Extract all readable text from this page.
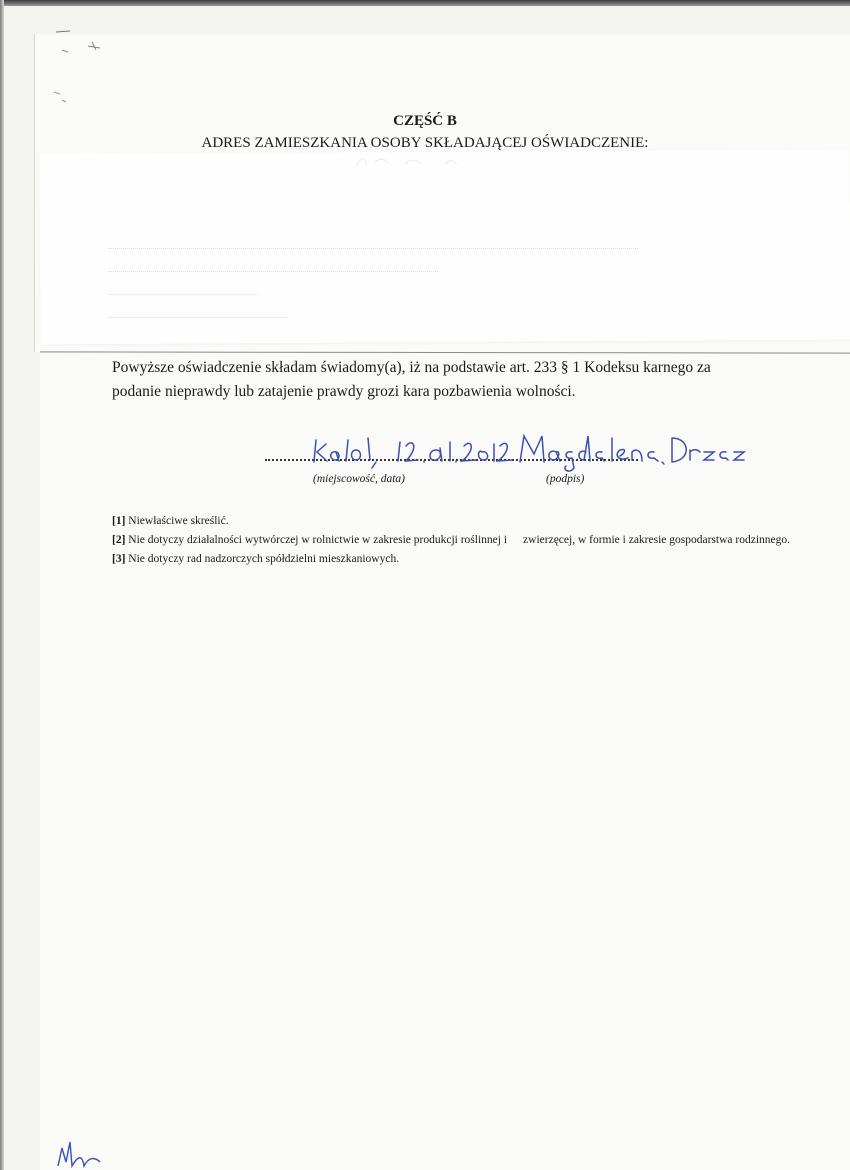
CZĘŚĆ B
ADRES ZAMIESZKANIA OSOBY SKŁADAJĄCEJ OŚWIADCZENIE:
Powyższe oświadczenie składam świadomy(a), iż na podstawie art. 233 § 1 Kodeksu karnego za
podanie nieprawdy lub zatajenie prawdy grozi kara pozbawienia wolności.
(miejscowość, data)	(podpis)

[1] Niewłaściwe skreślić.

[2] Nie dotyczy działalności wytwórczej w rolnictwie w zakresie produkcji roślinnej i zwierzęcej, w formie i zakresie gospodarstwa rodzinnego.

[3] Nie dotyczy rad nadzorczych spółdzielni mieszkaniowych.
